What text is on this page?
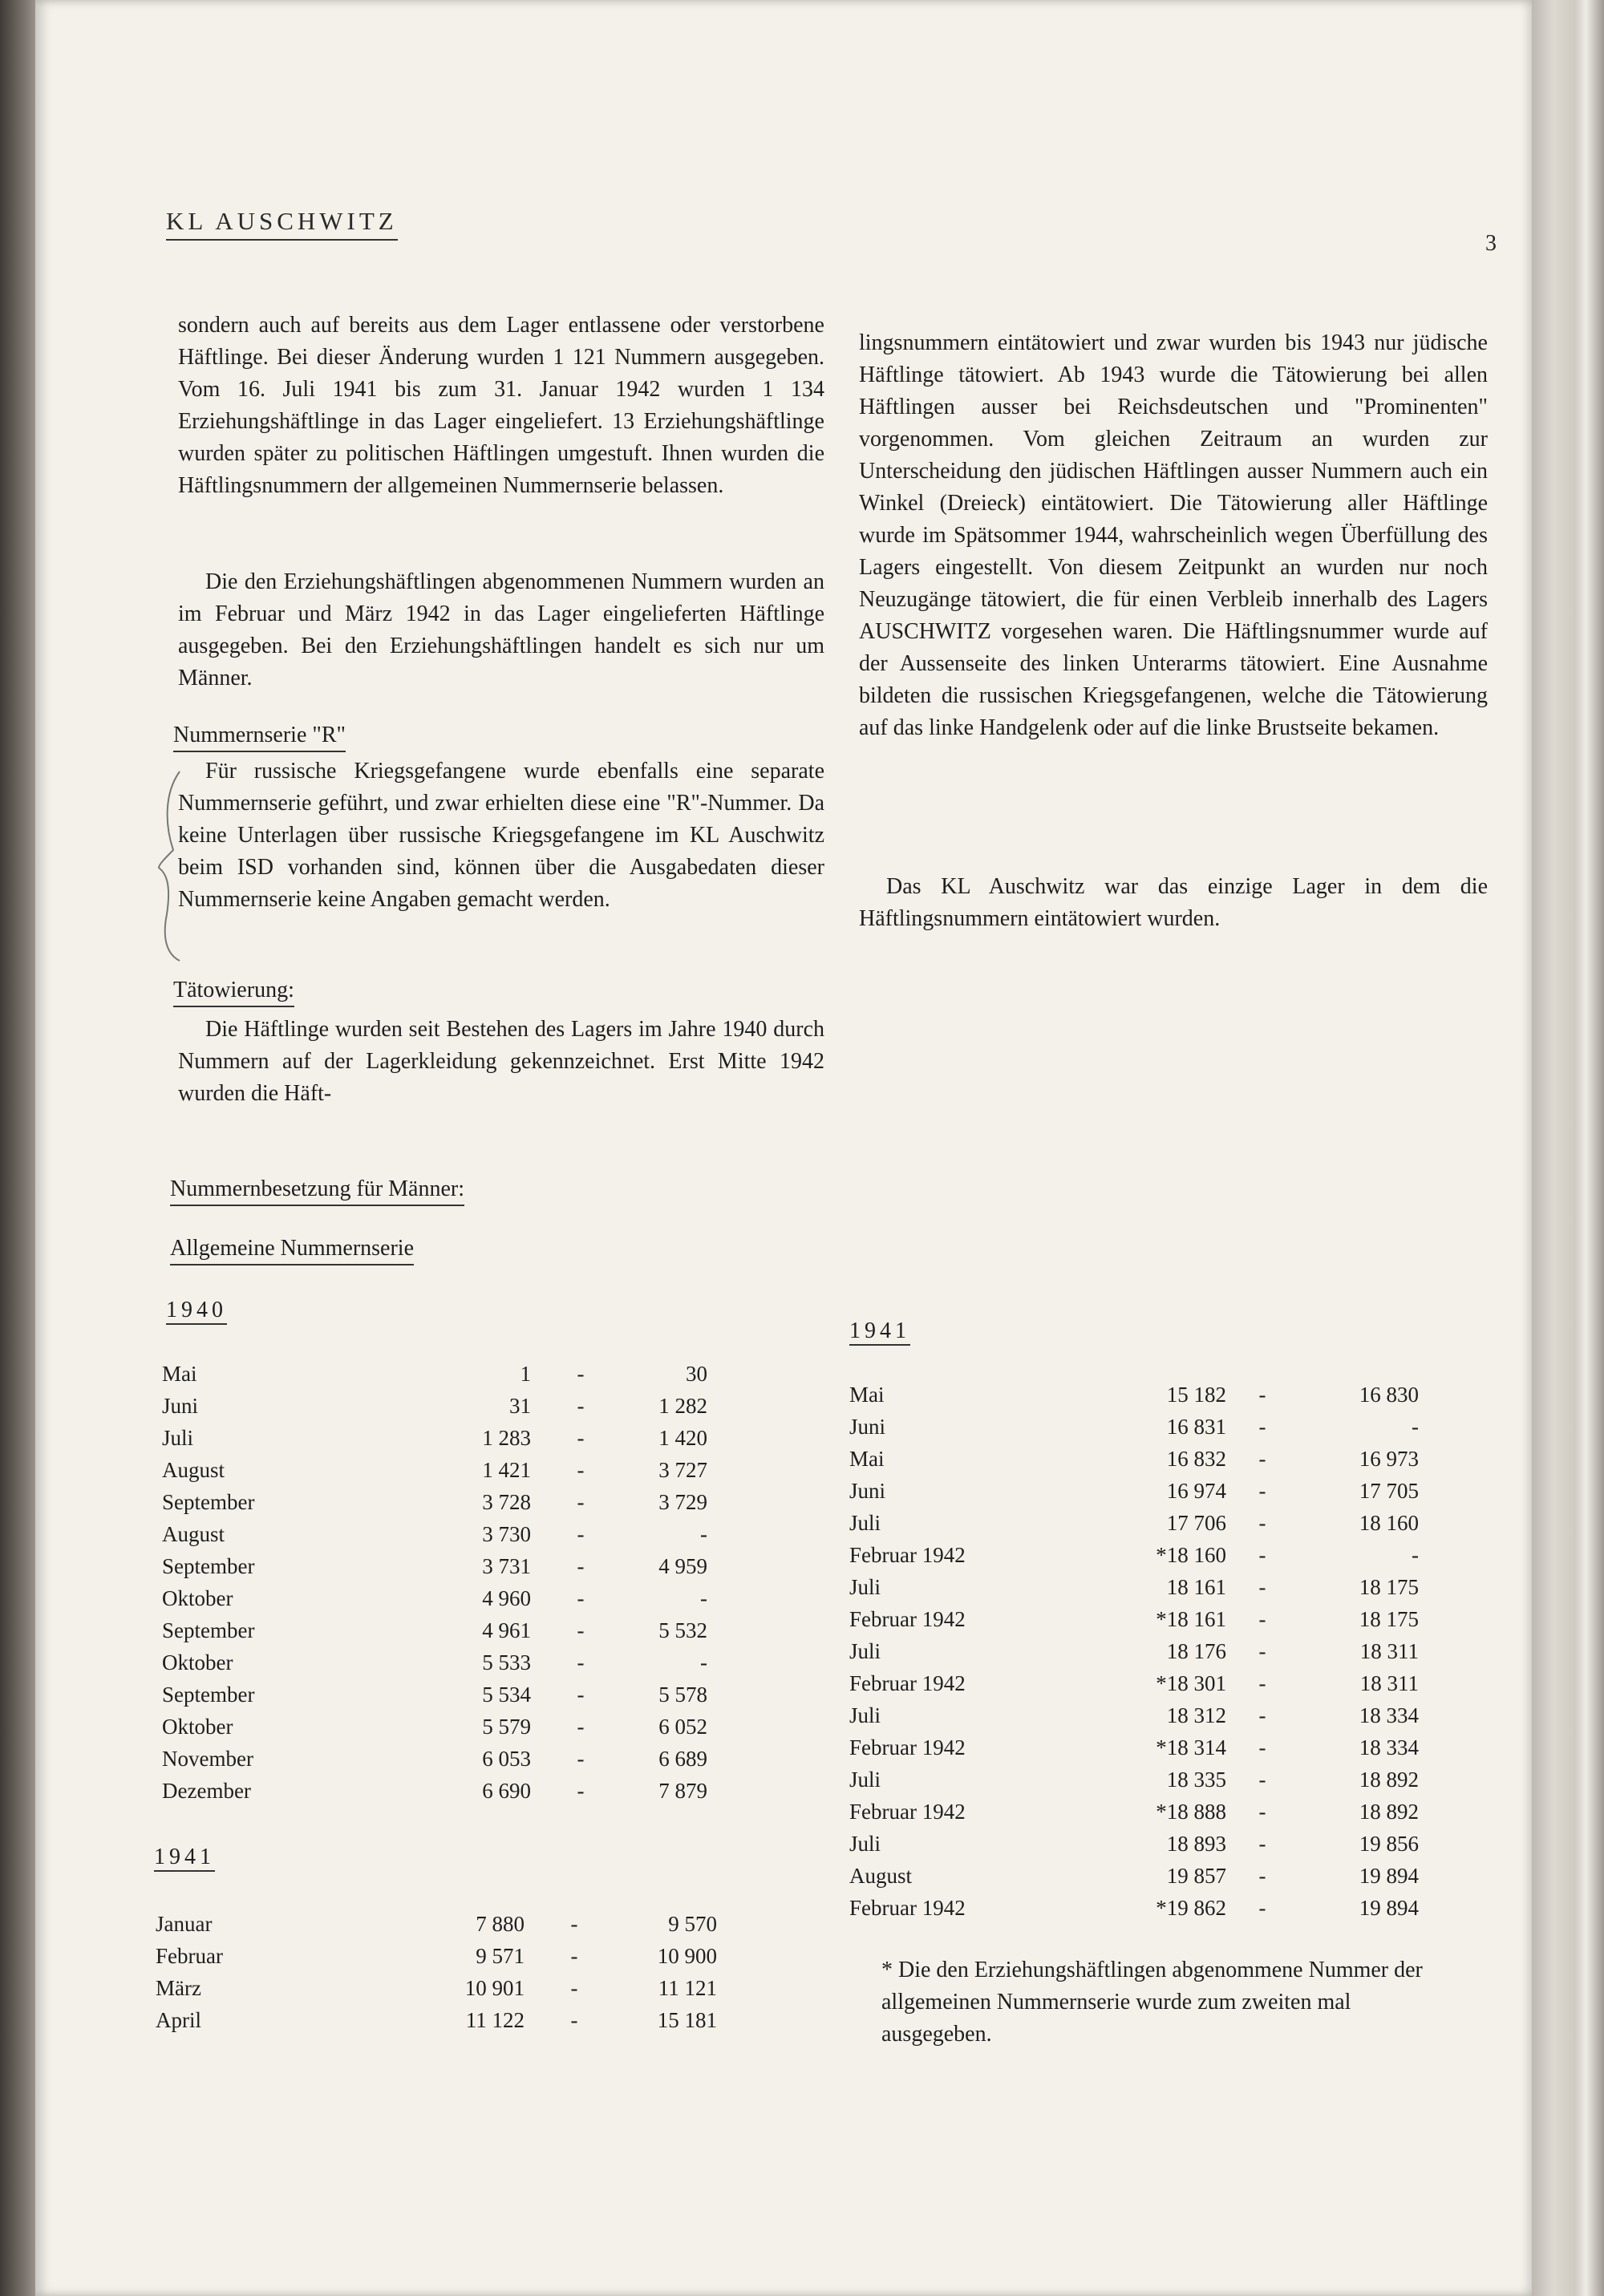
KL AUSCHWITZ
3

sondern auch auf bereits aus dem Lager entlassene oder verstorbene Häftlinge. Bei dieser Änderung wurden 1 121 Nummern ausgegeben. Vom 16. Juli 1941 bis zum 31. Januar 1942 wurden 1 134 Erziehungshäftlinge in das Lager eingeliefert. 13 Erziehungshäftlinge wurden später zu politischen Häftlingen umgestuft. Ihnen wurden die Häftlingsnummern der allgemeinen Nummernserie belassen.

Die den Erziehungshäftlingen abgenommenen Nummern wurden an im Februar und März 1942 in das Lager eingelieferten Häftlinge ausgegeben. Bei den Erziehungshäftlingen handelt es sich nur um Männer.

Nummernserie "R"

Für russische Kriegsgefangene wurde ebenfalls eine separate Nummernserie geführt, und zwar erhielten diese eine "R"-Nummer. Da keine Unterlagen über russische Kriegsgefangene im KL Auschwitz beim ISD vorhanden sind, können über die Ausgabedaten dieser Nummernserie keine Angaben gemacht werden.

Tätowierung:

Die Häftlinge wurden seit Bestehen des Lagers im Jahre 1940 durch Nummern auf der Lagerkleidung gekennzeichnet. Erst Mitte 1942 wurden die Häft-

Nummernbesetzung für Männer:
Allgemeine Nummernserie
1940
Mai	1 -	30
Juni	31 -	1 282
Juli	1 283 -	1 420
August	1 421 -	3 727
September	3 728 -	3 729
August	3 730 -	-
September	3 731 -	4 959
Oktober	4 960 -	-
September	4 961 -	5 532
Oktober	5 533 -	-
September	5 534 -	5 578
Oktober	5 579 -	6 052
November	6 053 -	6 689
Dezember	6 690 -	7 879
1941
Januar	7 880 -	9 570
Februar	9 571 -	10 900
März	10 901 -	11 121
April	11 122 -	15 181

lingsnummern eintätowiert und zwar wurden bis 1943 nur jüdische Häftlinge tätowiert. Ab 1943 wurde die Tätowierung bei allen Häftlingen ausser bei Reichsdeutschen und "Prominenten" vorgenommen. Vom gleichen Zeitraum an wurden zur Unterscheidung den jüdischen Häftlingen ausser Nummern auch ein Winkel (Dreieck) eintätowiert. Die Tätowierung aller Häftlinge wurde im Spätsommer 1944, wahrscheinlich wegen Überfüllung des Lagers eingestellt. Von diesem Zeitpunkt an wurden nur noch Neuzugänge tätowiert, die für einen Verbleib innerhalb des Lagers AUSCHWITZ vorgesehen waren. Die Häftlingsnummer wurde auf der Aussenseite des linken Unterarms tätowiert. Eine Ausnahme bildeten die russischen Kriegsgefangenen, welche die Tätowierung auf das linke Handgelenk oder auf die linke Brustseite bekamen.

Das KL Auschwitz war das einzige Lager in dem die Häftlingsnummern eintätowiert wurden.

1941
Mai	15 182 -	16 830
Juni	16 831 -	-
Mai	16 832 -	16 973
Juni	16 974 -	17 705
Juli	17 706 -	18 160
Februar 1942	*18 160 -	-
Juli	18 161 -	18 175
Februar 1942	*18 161 -	18 175
Juli	18 176 -	18 311
Februar 1942	*18 301 -	18 311
Juli	18 312 -	18 334
Februar 1942	*18 314 -	18 334
Juli	18 335 -	18 892
Februar 1942	*18 888 -	18 892
Juli	18 893 -	19 856
August	19 857 -	19 894
Februar 1942	*19 862 -	19 894

* Die den Erziehungshäftlingen abgenommene Nummer der allgemeinen Nummernserie wurde zum zweiten mal ausgegeben.
